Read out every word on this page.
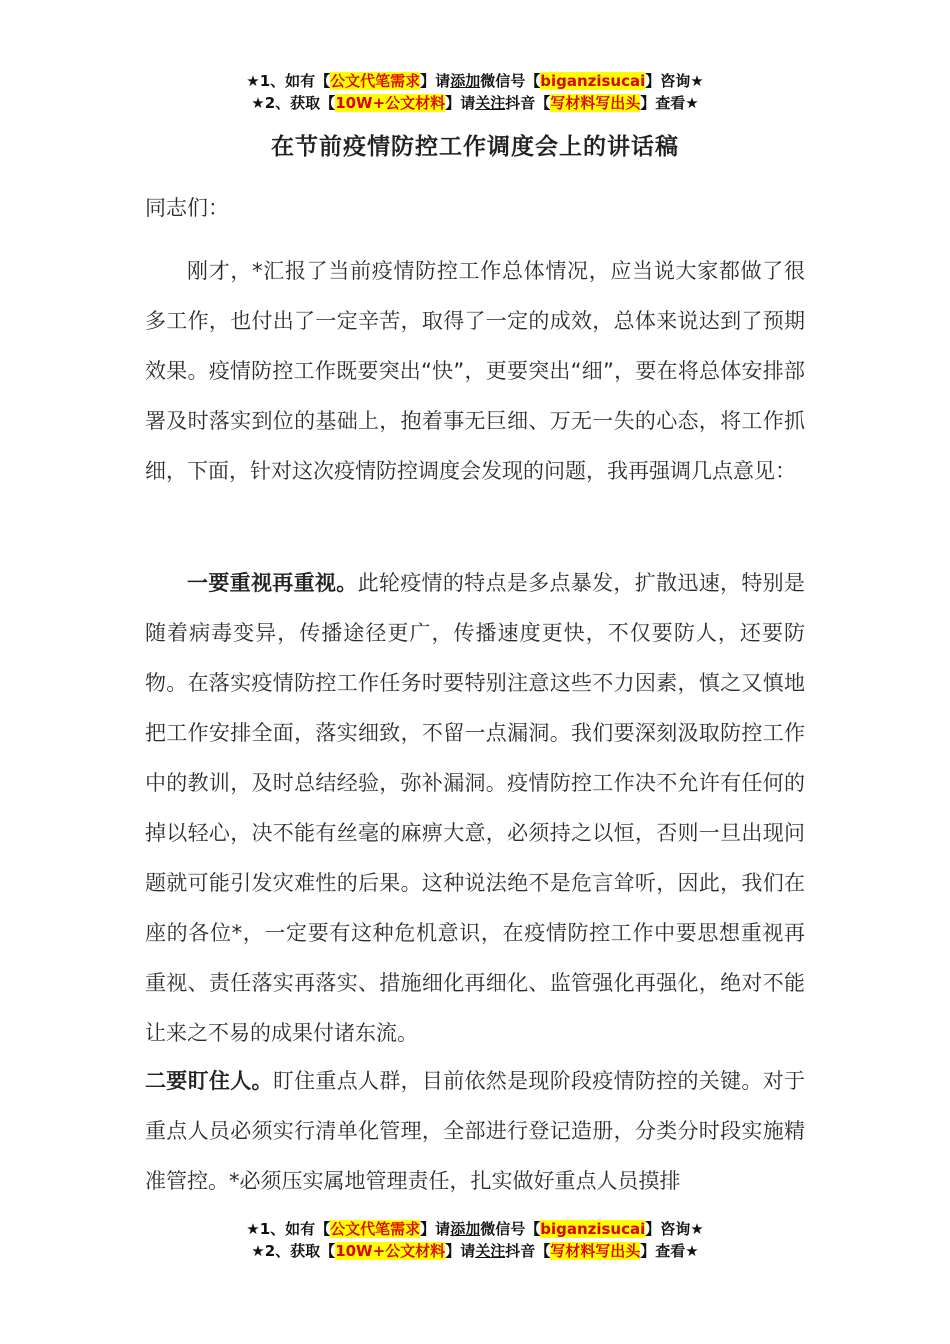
★1、如有【公文代笔需求】请添加微信号【biganzisucai】咨询★
★2、获取【10W+公文材料】请关注抖音【写材料写出头】查看★
在节前疫情防控工作调度会上的讲话稿
同志们：

刚才，*汇报了当前疫情防控工作总体情况，应当说大家都做了很多工作，也付出了一定辛苦，取得了一定的成效，总体来说达到了预期效果。疫情防控工作既要突出“快”，更要突出“细”，要在将总体安排部署及时落实到位的基础上，抱着事无巨细、万无一失的心态，将工作抓细，下面，针对这次疫情防控调度会发现的问题，我再强调几点意见：

一要重视再重视。此轮疫情的特点是多点暴发，扩散迅速，特别是随着病毒变异，传播途径更广，传播速度更快，不仅要防人，还要防物。在落实疫情防控工作任务时要特别注意这些不力因素，慎之又慎地把工作安排全面，落实细致，不留一点漏洞。我们要深刻汲取防控工作中的教训，及时总结经验，弥补漏洞。疫情防控工作决不允许有任何的掉以轻心，决不能有丝毫的麻痹大意，必须持之以恒，否则一旦出现问题就可能引发灾难性的后果。这种说法绝不是危言耸听，因此，我们在座的各位*，一定要有这种危机意识，在疫情防控工作中要思想重视再重视、责任落实再落实、措施细化再细化、监管强化再强化，绝对不能让来之不易的成果付诸东流。

二要盯住人。盯住重点人群，目前依然是现阶段疫情防控的关键。对于重点人员必须实行清单化管理，全部进行登记造册，分类分时段实施精准管控。*必须压实属地管理责任，扎实做好重点人员摸排

★1、如有【公文代笔需求】请添加微信号【biganzisucai】咨询★
★2、获取【10W+公文材料】请关注抖音【写材料写出头】查看★
